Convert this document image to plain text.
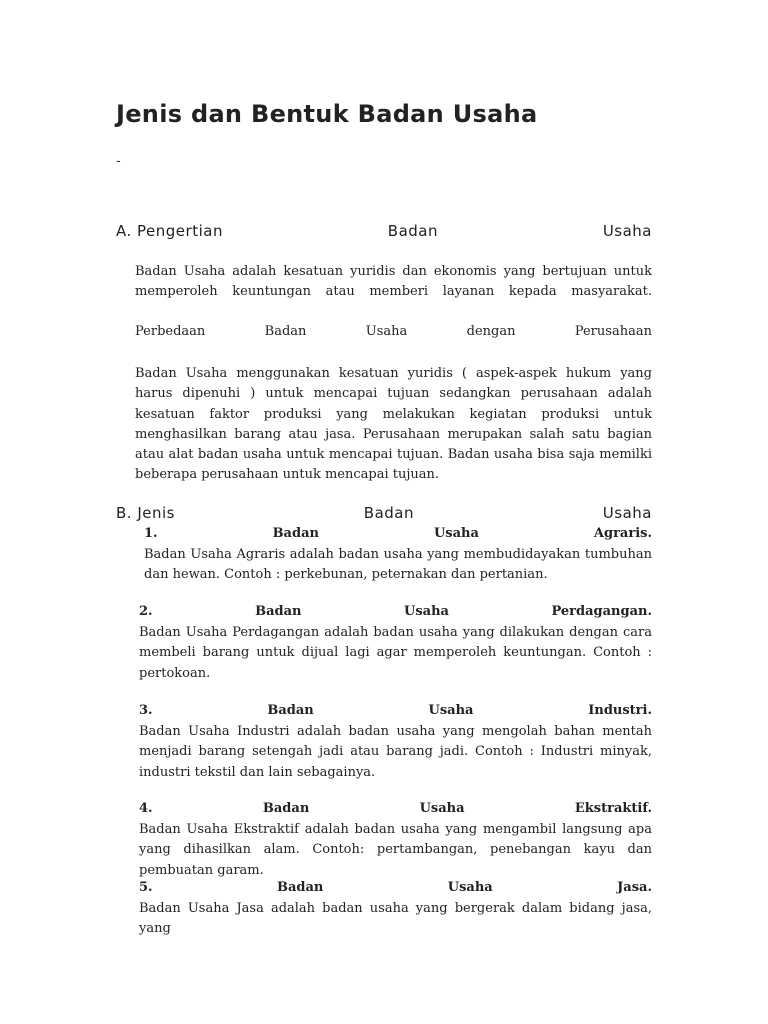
Jenis dan Bentuk Badan Usaha
-
A. Pengertian	Badan	Usaha
Badan Usaha adalah kesatuan yuridis dan ekonomis yang bertujuan untuk memperoleh keuntungan atau memberi layanan kepada masyarakat.
Perbedaan	Badan	Usaha	dengan	Perusahaan
Badan Usaha menggunakan kesatuan yuridis ( aspek-aspek hukum yang harus dipenuhi ) untuk mencapai tujuan sedangkan perusahaan adalah kesatuan faktor produksi yang melakukan kegiatan produksi untuk menghasilkan barang atau jasa. Perusahaan merupakan salah satu bagian atau alat badan usaha untuk mencapai tujuan. Badan usaha bisa saja memilki beberapa perusahaan untuk mencapai tujuan.
B. Jenis	Badan	Usaha
1.	Badan	Usaha	Agraris.
Badan Usaha Agraris adalah badan usaha yang membudidayakan tumbuhan dan hewan. Contoh : perkebunan, peternakan dan pertanian.
2.	Badan	Usaha	Perdagangan.
Badan Usaha Perdagangan adalah badan usaha yang dilakukan dengan cara membeli barang untuk dijual lagi agar memperoleh keuntungan. Contoh : pertokoan.
3.	Badan	Usaha	Industri.
Badan Usaha Industri adalah badan usaha yang mengolah bahan mentah menjadi barang setengah jadi atau barang jadi. Contoh : Industri minyak, industri tekstil dan lain sebagainya.
4.	Badan	Usaha	Ekstraktif.
Badan Usaha Ekstraktif adalah badan usaha yang mengambil langsung apa yang dihasilkan alam. Contoh: pertambangan, penebangan kayu dan pembuatan garam.
5.	Badan	Usaha	Jasa.
Badan Usaha Jasa adalah badan usaha yang bergerak dalam bidang jasa, yang
